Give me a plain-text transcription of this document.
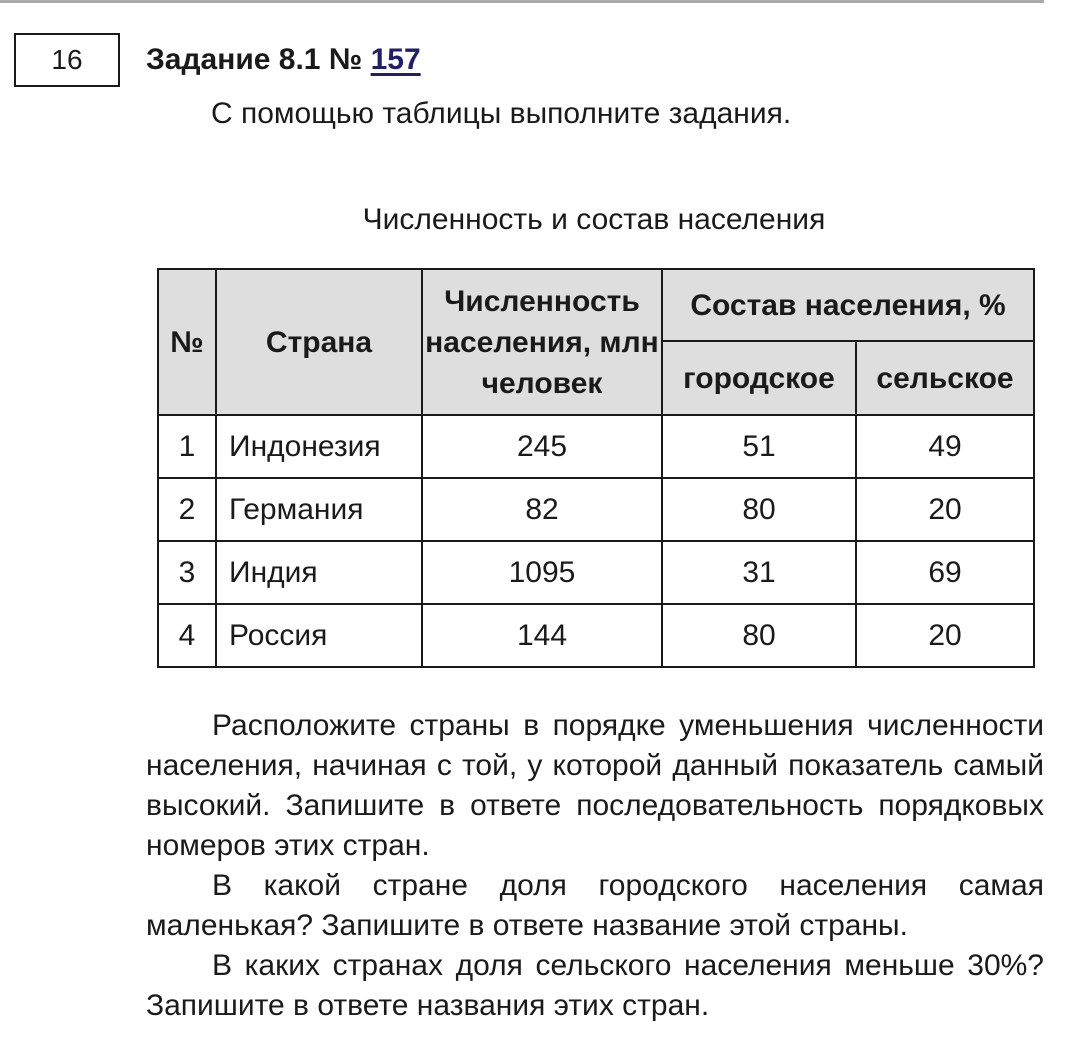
16	Задание 8.1 № 157
С помощью таблицы выполните задания.
Численность и состав населения
№	Страна	Численность населения, млн человек	Состав населения, %	
			городское	сельское
1	Индонезия	245	51	49
2	Германия	82	80	20
3	Индия	1095	31	69
4	Россия	144	80	20

Расположите страны в порядке уменьшения численности населения, начиная с той, у которой данный показатель самый высокий. Запишите в ответе последовательность порядковых номеров этих стран.

В какой стране доля городского населения самая маленькая? Запишите в ответе название этой страны.

В каких странах доля сельского населения меньше 30%? Запишите в ответе названия этих стран.
